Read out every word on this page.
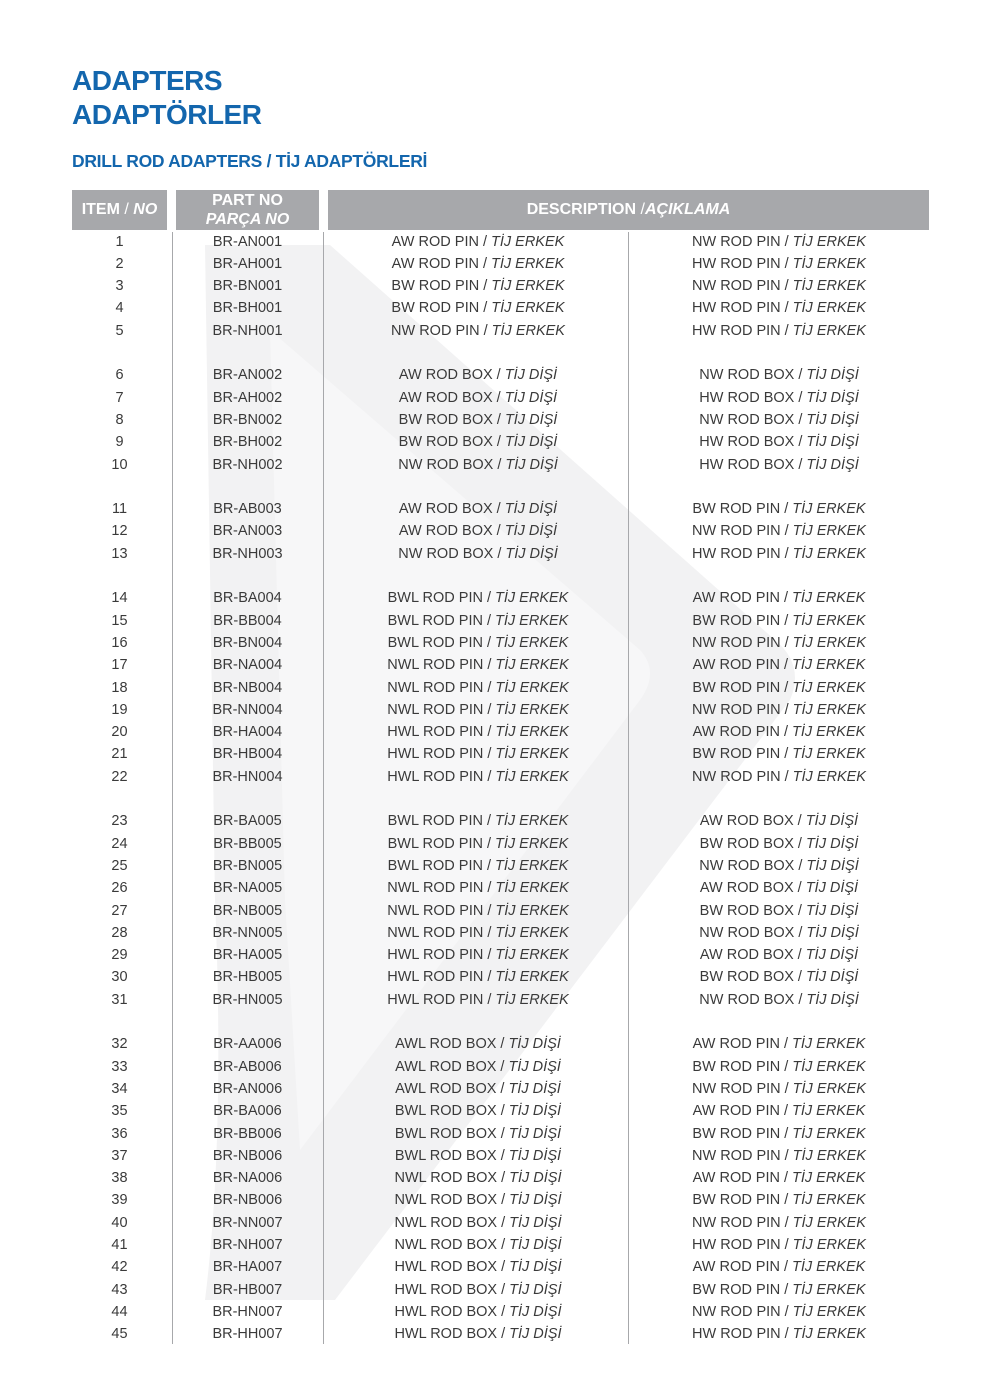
ADAPTERS
ADAPTÖRLER
DRILL ROD ADAPTERS / TİJ ADAPTÖRLERİ
ITEM / NO
PART NO
PARÇA NO
DESCRIPTION /AÇIKLAMA
1	BR-AN001	AW ROD PIN / TİJ ERKEK	NW ROD PIN / TİJ ERKEK
2	BR-AH001	AW ROD PIN / TİJ ERKEK	HW ROD PIN / TİJ ERKEK
3	BR-BN001	BW ROD PIN / TİJ ERKEK	NW ROD PIN / TİJ ERKEK
4	BR-BH001	BW ROD PIN / TİJ ERKEK	HW ROD PIN / TİJ ERKEK
5	BR-NH001	NW ROD PIN / TİJ ERKEK	HW ROD PIN / TİJ ERKEK
6	BR-AN002	AW ROD BOX / TİJ DİŞİ	NW ROD BOX / TİJ DİŞİ
7	BR-AH002	AW ROD BOX / TİJ DİŞİ	HW ROD BOX / TİJ DİŞİ
8	BR-BN002	BW ROD BOX / TİJ DİŞİ	NW ROD BOX / TİJ DİŞİ
9	BR-BH002	BW ROD BOX / TİJ DİŞİ	HW ROD BOX / TİJ DİŞİ
10	BR-NH002	NW ROD BOX / TİJ DİŞİ	HW ROD BOX / TİJ DİŞİ
11	BR-AB003	AW ROD BOX / TİJ DİŞİ	BW ROD PIN / TİJ ERKEK
12	BR-AN003	AW ROD BOX / TİJ DİŞİ	NW ROD PIN / TİJ ERKEK
13	BR-NH003	NW ROD BOX / TİJ DİŞİ	HW ROD PIN / TİJ ERKEK
14	BR-BA004	BWL ROD PIN / TİJ ERKEK	AW ROD PIN / TİJ ERKEK
15	BR-BB004	BWL ROD PIN / TİJ ERKEK	BW ROD PIN / TİJ ERKEK
16	BR-BN004	BWL ROD PIN / TİJ ERKEK	NW ROD PIN / TİJ ERKEK
17	BR-NA004	NWL ROD PIN / TİJ ERKEK	AW ROD PIN / TİJ ERKEK
18	BR-NB004	NWL ROD PIN / TİJ ERKEK	BW ROD PIN / TİJ ERKEK
19	BR-NN004	NWL ROD PIN / TİJ ERKEK	NW ROD PIN / TİJ ERKEK
20	BR-HA004	HWL ROD PIN / TİJ ERKEK	AW ROD PIN / TİJ ERKEK
21	BR-HB004	HWL ROD PIN / TİJ ERKEK	BW ROD PIN / TİJ ERKEK
22	BR-HN004	HWL ROD PIN / TİJ ERKEK	NW ROD PIN / TİJ ERKEK
23	BR-BA005	BWL ROD PIN / TİJ ERKEK	AW ROD BOX / TİJ DİŞİ
24	BR-BB005	BWL ROD PIN / TİJ ERKEK	BW ROD BOX / TİJ DİŞİ
25	BR-BN005	BWL ROD PIN / TİJ ERKEK	NW ROD BOX / TİJ DİŞİ
26	BR-NA005	NWL ROD PIN / TİJ ERKEK	AW ROD BOX / TİJ DİŞİ
27	BR-NB005	NWL ROD PIN / TİJ ERKEK	BW ROD BOX / TİJ DİŞİ
28	BR-NN005	NWL ROD PIN / TİJ ERKEK	NW ROD BOX / TİJ DİŞİ
29	BR-HA005	HWL ROD PIN / TİJ ERKEK	AW ROD BOX / TİJ DİŞİ
30	BR-HB005	HWL ROD PIN / TİJ ERKEK	BW ROD BOX / TİJ DİŞİ
31	BR-HN005	HWL ROD PIN / TİJ ERKEK	NW ROD BOX / TİJ DİŞİ
32	BR-AA006	AWL ROD BOX / TİJ DİŞİ	AW ROD PIN / TİJ ERKEK
33	BR-AB006	AWL ROD BOX / TİJ DİŞİ	BW ROD PIN / TİJ ERKEK
34	BR-AN006	AWL ROD BOX / TİJ DİŞİ	NW ROD PIN / TİJ ERKEK
35	BR-BA006	BWL ROD BOX / TİJ DİŞİ	AW ROD PIN / TİJ ERKEK
36	BR-BB006	BWL ROD BOX / TİJ DİŞİ	BW ROD PIN / TİJ ERKEK
37	BR-NB006	BWL ROD BOX / TİJ DİŞİ	NW ROD PIN / TİJ ERKEK
38	BR-NA006	NWL ROD BOX / TİJ DİŞİ	AW ROD PIN / TİJ ERKEK
39	BR-NB006	NWL ROD BOX / TİJ DİŞİ	BW ROD PIN / TİJ ERKEK
40	BR-NN007	NWL ROD BOX / TİJ DİŞİ	NW ROD PIN / TİJ ERKEK
41	BR-NH007	NWL ROD BOX / TİJ DİŞİ	HW ROD PIN / TİJ ERKEK
42	BR-HA007	HWL ROD BOX / TİJ DİŞİ	AW ROD PIN / TİJ ERKEK
43	BR-HB007	HWL ROD BOX / TİJ DİŞİ	BW ROD PIN / TİJ ERKEK
44	BR-HN007	HWL ROD BOX / TİJ DİŞİ	NW ROD PIN / TİJ ERKEK
45	BR-HH007	HWL ROD BOX / TİJ DİŞİ	HW ROD PIN / TİJ ERKEK
